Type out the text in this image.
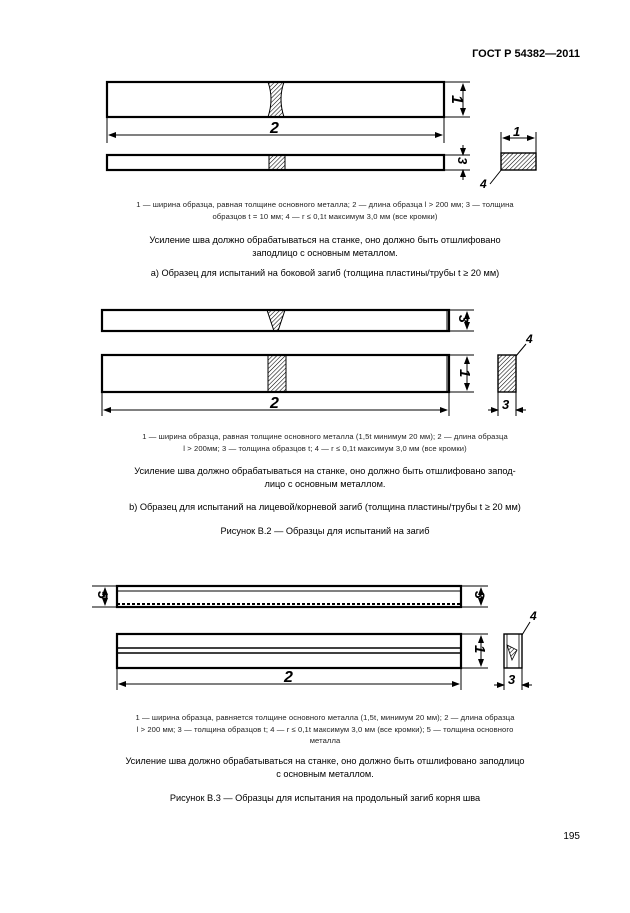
ГОСТ Р 54382—2011
1
2
3
1
4
3
1
2	3
4
3
5
1
2	3
4
1 — ширина образца, равная толщине основного металла; 2 — длина образца l > 200 мм; 3 — толщина
образцов t = 10 мм; 4 — r ≤ 0,1t максимум 3,0 мм (все кромки)
Усиление шва должно обрабатываться на станке, оно должно быть отшлифовано
заподлицо с основным металлом.
a) Образец для испытаний на боковой загиб (толщина пластины/трубы t ≥ 20 мм)
1 — ширина образца, равная толщине основного металла (1,5t минимум 20 мм); 2 — длина образца
l > 200мм; 3 — толщина образцов t; 4 — r ≤ 0,1t максимум 3,0 мм (все кромки)
Усиление шва должно обрабатываться на станке, оно должно быть отшлифовано запод-
лицо с основным металлом.
b) Образец для испытаний на лицевой/корневой загиб (толщина пластины/трубы t ≥ 20 мм)
Рисунок В.2 — Образцы для испытаний на загиб
1 — ширина образца, равняется толщине основного металла (1,5t, минимум 20 мм); 2 — длина образца
l > 200 мм; 3 — толщина образцов t; 4 — r ≤ 0,1t максимум 3,0 мм (все кромки); 5 — толщина основного
металла
Усиление шва должно обрабатываться на станке, оно должно быть отшлифовано заподлицо
с основным металлом.
Рисунок В.3 — Образцы для испытания на продольный загиб корня шва
195
